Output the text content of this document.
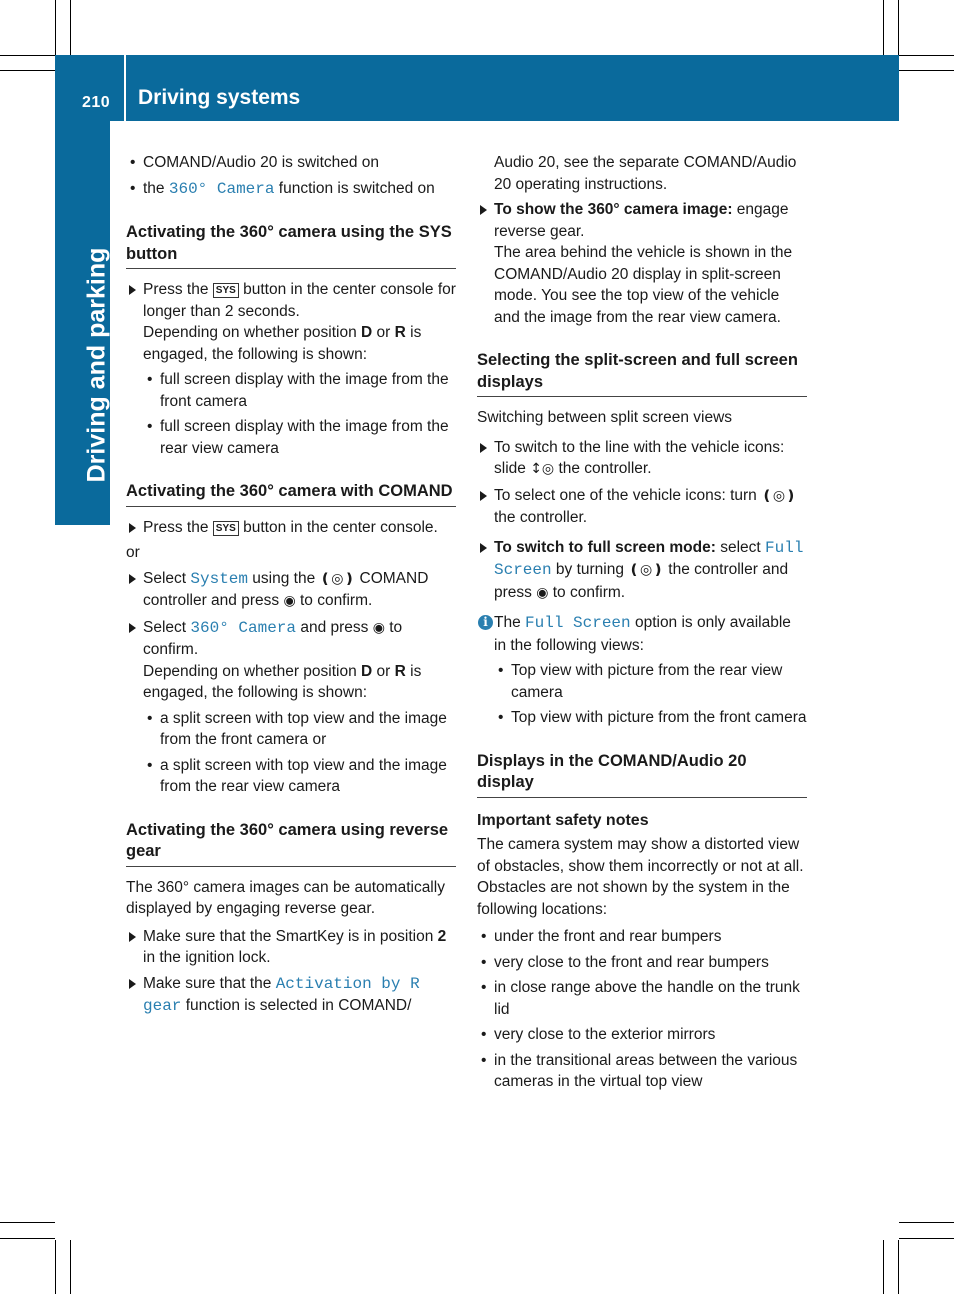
210 Driving systems
Driving and parking

• COMAND/Audio 20 is switched on

• the 360° Camera function is switched on

Activating the 360° camera using the SYS button
Press the SYS button in the center console for longer than 2 seconds.

Depending on whether position D or R is engaged, the following is shown:

• full screen display with the image from the front camera

• full screen display with the image from the rear view camera

Activating the 360° camera with COMAND
Press the SYS button in the center console.

or

Select System using the ❪◎❫ COMAND controller and press ◉ to confirm.
Select 360° Camera and press ◉ to confirm.

Depending on whether position D or R is engaged, the following is shown:

• a split screen with top view and the image from the front camera or

• a split screen with top view and the image from the rear view camera

Activating the 360° camera using reverse gear

The 360° camera images can be automatically displayed by engaging reverse gear.

Make sure that the SmartKey is in position 2 in the ignition lock.
Make sure that the Activation by R gear function is selected in COMAND/

Audio 20, see the separate COMAND/Audio 20 operating instructions.

To show the 360° camera image: engage reverse gear.

The area behind the vehicle is shown in the COMAND/Audio 20 display in split-screen mode. You see the top view of the vehicle and the image from the rear view camera.

Selecting the split-screen and full screen displays

Switching between split screen views

To switch to the line with the vehicle icons: slide ↕◎ the controller.
To select one of the vehicle icons: turn ❪◎❫ the controller.
To switch to full screen mode: select Full Screen by turning ❪◎❫ the controller and press ◉ to confirm.
i The Full Screen option is only available in the following views:

• Top view with picture from the rear view camera

• Top view with picture from the front camera

Displays in the COMAND/Audio 20 display
Important safety notes

The camera system may show a distorted view of obstacles, show them incorrectly or not at all. Obstacles are not shown by the system in the following locations:

• under the front and rear bumpers

• very close to the front and rear bumpers

• in close range above the handle on the trunk lid

• very close to the exterior mirrors

• in the transitional areas between the various cameras in the virtual top view
